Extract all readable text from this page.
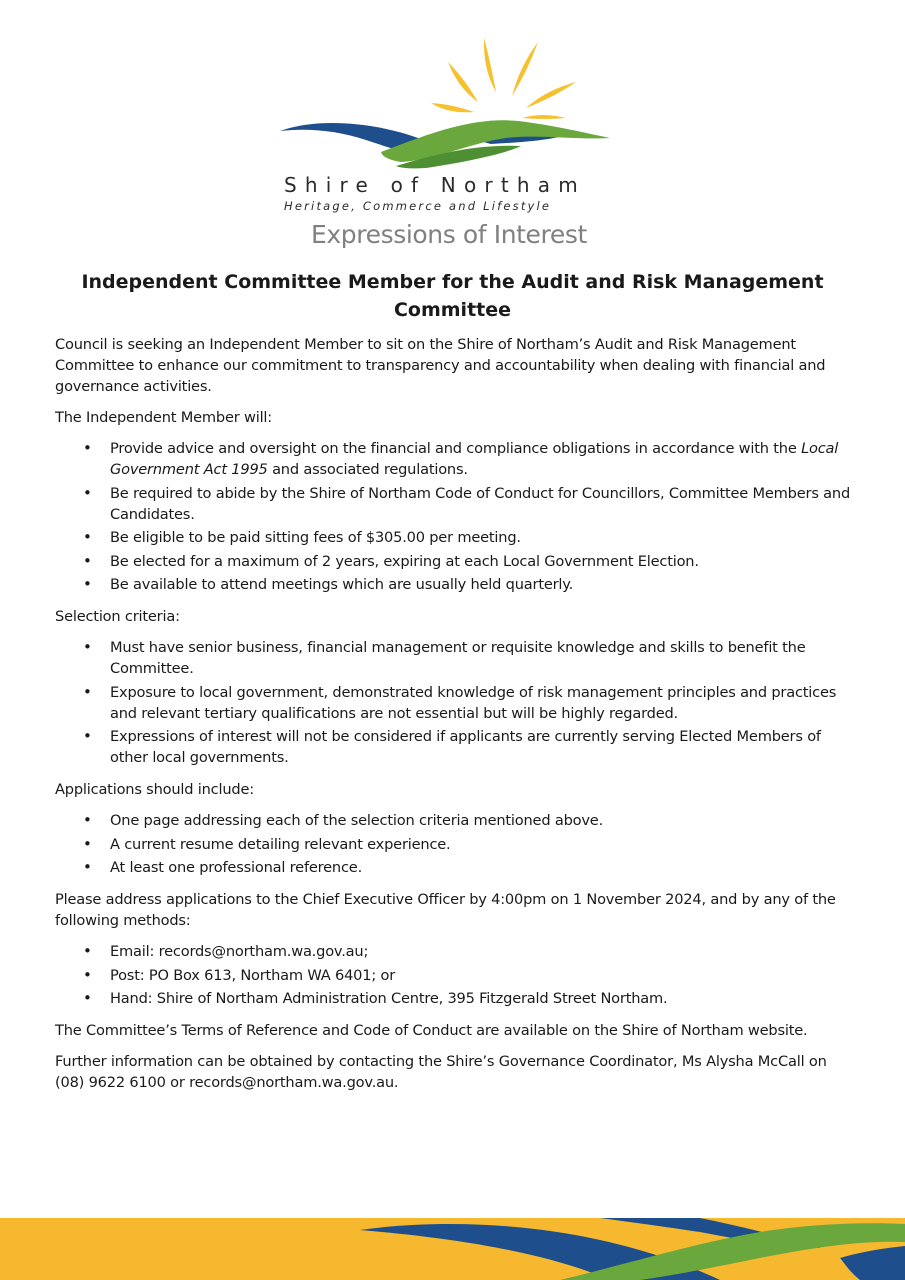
Shire of Northam
Heritage, Commerce and Lifestyle
Expressions of Interest
Independent Committee Member for the Audit and Risk Management Committee

Council is seeking an Independent Member to sit on the Shire of Northam’s Audit and Risk Management Committee to enhance our commitment to transparency and accountability when dealing with financial and governance activities.

The Independent Member will:

• Provide advice and oversight on the financial and compliance obligations in accordance with the Local Government Act 1995 and associated regulations.
• Be required to abide by the Shire of Northam Code of Conduct for Councillors, Committee Members and Candidates.
• Be eligible to be paid sitting fees of $305.00 per meeting.
• Be elected for a maximum of 2 years, expiring at each Local Government Election.
• Be available to attend meetings which are usually held quarterly.

Selection criteria:

• Must have senior business, financial management or requisite knowledge and skills to benefit the Committee.
• Exposure to local government, demonstrated knowledge of risk management principles and practices and relevant tertiary qualifications are not essential but will be highly regarded.
• Expressions of interest will not be considered if applicants are currently serving Elected Members of other local governments.

Applications should include:

• One page addressing each of the selection criteria mentioned above.
• A current resume detailing relevant experience.
• At least one professional reference.

Please address applications to the Chief Executive Officer by 4:00pm on 1 November 2024, and by any of the following methods:

• Email: records@northam.wa.gov.au;
• Post: PO Box 613, Northam WA 6401; or
• Hand: Shire of Northam Administration Centre, 395 Fitzgerald Street Northam.

The Committee’s Terms of Reference and Code of Conduct are available on the Shire of Northam website.

Further information can be obtained by contacting the Shire’s Governance Coordinator, Ms Alysha McCall on (08) 9622 6100 or records@northam.wa.gov.au.
